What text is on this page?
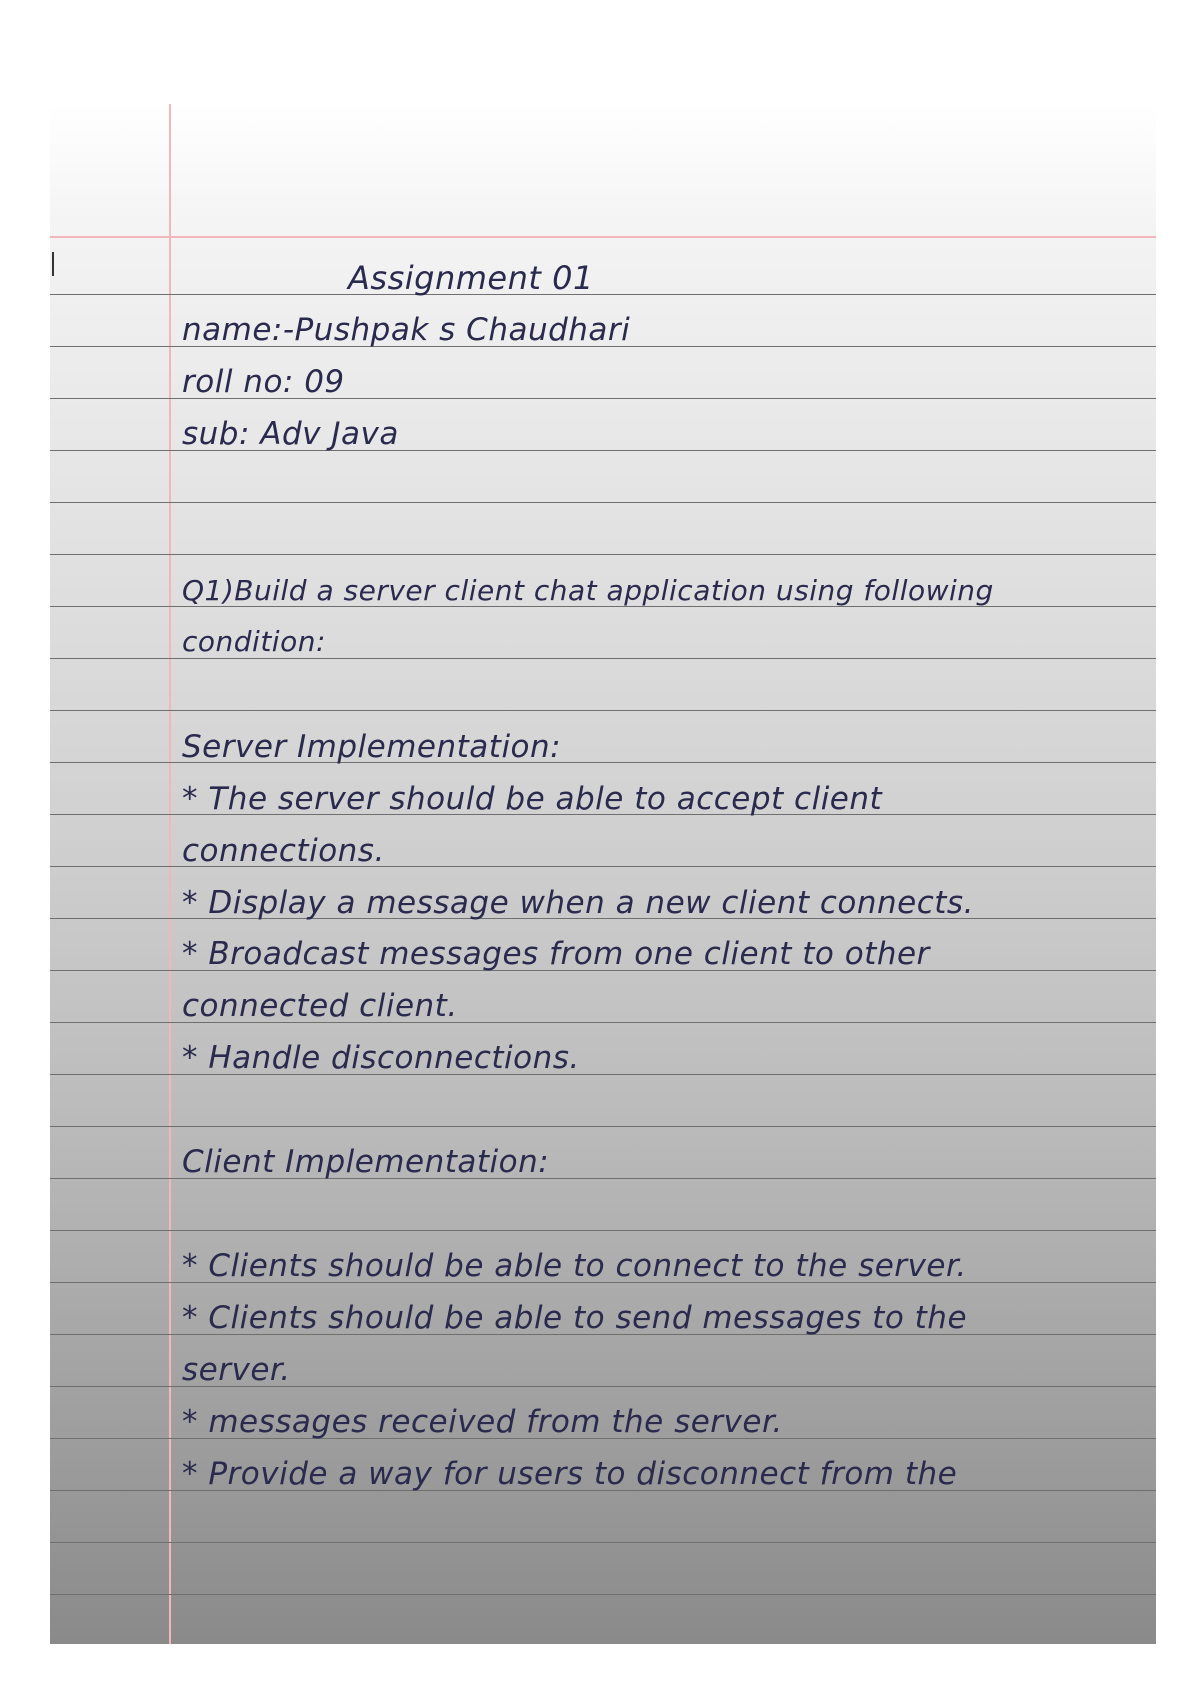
Assignment 01
name:-Pushpak s Chaudhari
roll no: 09
sub: Adv Java
Q1)Build a server client chat application using following
condition:
Server Implementation:
* The server should be able to accept client
connections.
* Display a message when a new client connects.
* Broadcast messages from one client to other
connected client.
* Handle disconnections.
Client Implementation:
* Clients should be able to connect to the server.
* Clients should be able to send messages to the
server.
* messages received from the server.
* Provide a way for users to disconnect from the
